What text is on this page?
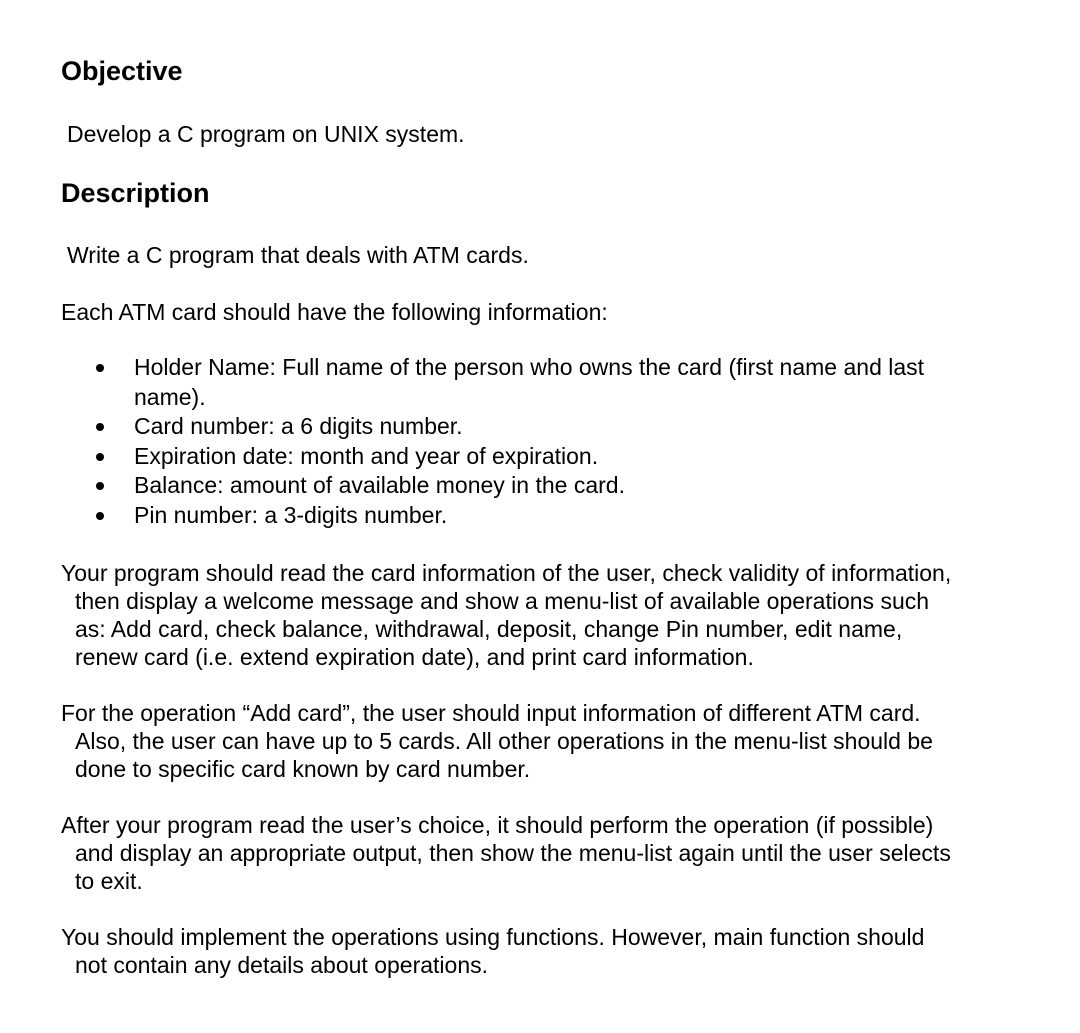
Objective
Develop a C program on UNIX system.
Description
Write a C program that deals with ATM cards.
Each ATM card should have the following information:
Holder Name: Full name of the person who owns the card (first name and last
name).
Card number: a 6 digits number.
Expiration date: month and year of expiration.
Balance: amount of available money in the card.
Pin number: a 3-digits number.
Your program should read the card information of the user, check validity of information,
then display a welcome message and show a menu-list of available operations such
as: Add card, check balance, withdrawal, deposit, change Pin number, edit name,
renew card (i.e. extend expiration date), and print card information.
For the operation “Add card”, the user should input information of different ATM card.
Also, the user can have up to 5 cards. All other operations in the menu-list should be
done to specific card known by card number.
After your program read the user’s choice, it should perform the operation (if possible)
and display an appropriate output, then show the menu-list again until the user selects
to exit.
You should implement the operations using functions. However, main function should
not contain any details about operations.
